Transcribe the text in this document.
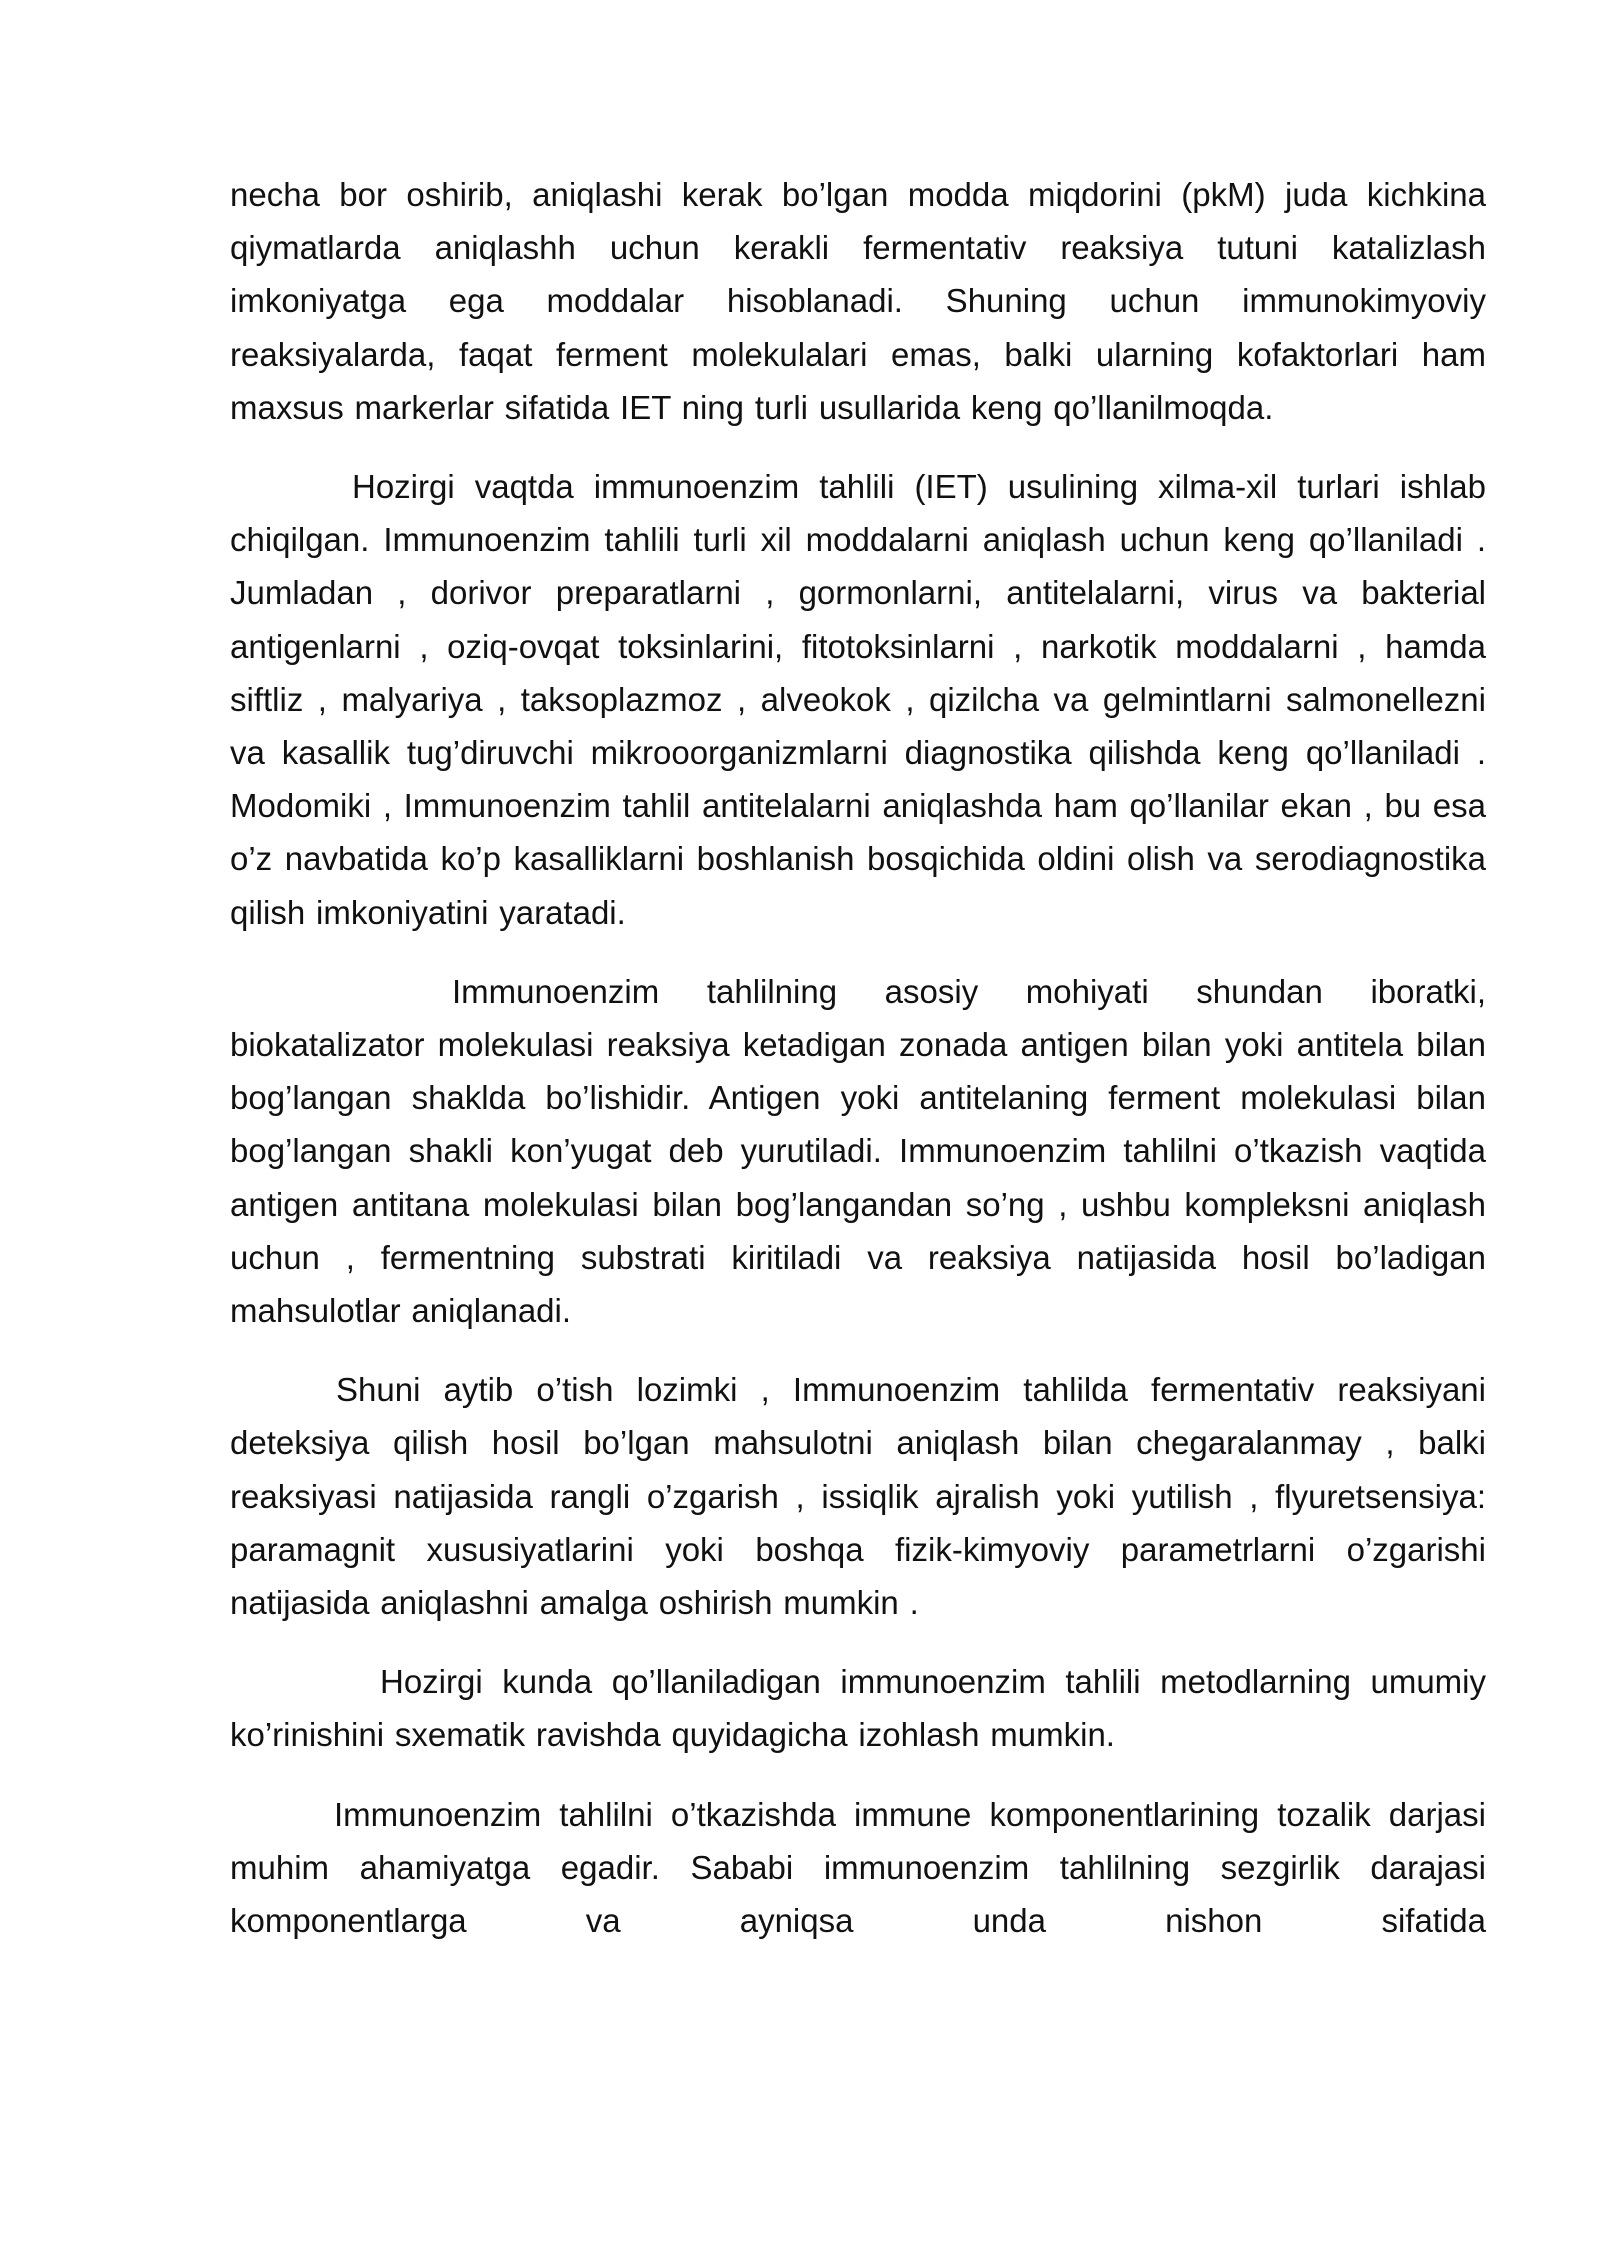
necha bor oshirib, aniqlashi kerak bo’lgan modda miqdorini (pkM) juda kichkina qiymatlarda aniqlashh uchun kerakli fermentativ reaksiya tutuni katalizlash imkoniyatga ega moddalar hisoblanadi. Shuning uchun immunokimyoviy reaksiyalarda, faqat ferment molekulalari emas, balki ularning kofaktorlari ham maxsus markerlar sifatida IET ning turli usullarida keng qo’llanilmoqda.

Hozirgi vaqtda immunoenzim tahlili (IET) usulining xilma-xil turlari ishlab chiqilgan. Immunoenzim tahlili turli xil moddalarni aniqlash uchun keng qo’llaniladi . Jumladan , dorivor preparatlarni , gormonlarni, antitelalarni, virus va bakterial antigenlarni , oziq-ovqat toksinlarini, fitotoksinlarni , narkotik moddalarni , hamda siftliz , malyariya , taksoplazmoz , alveokok , qizilcha va gelmintlarni salmonellezni va kasallik tug’diruvchi mikrooorganizmlarni diagnostika qilishda keng qo’llaniladi . Modomiki , Immunoenzim tahlil antitelalarni aniqlashda ham qo’llanilar ekan , bu esa o’z navbatida ko’p kasalliklarni boshlanish bosqichida oldini olish va serodiagnostika qilish imkoniyatini yaratadi.

Immunoenzim tahlilning asosiy mohiyati shundan iboratki, biokatalizator molekulasi reaksiya ketadigan zonada antigen bilan yoki antitela bilan bog’langan shaklda bo’lishidir. Antigen yoki antitelaning ferment molekulasi bilan bog’langan shakli kon’yugat deb yurutiladi. Immunoenzim tahlilni o’tkazish vaqtida antigen antitana molekulasi bilan bog’langandan so’ng , ushbu kompleksni aniqlash uchun , fermentning substrati kiritiladi va reaksiya natijasida hosil bo’ladigan mahsulotlar aniqlanadi.

Shuni aytib o’tish lozimki , Immunoenzim tahlilda fermentativ reaksiyani deteksiya qilish hosil bo’lgan mahsulotni aniqlash bilan chegaralanmay , balki reaksiyasi natijasida rangli o’zgarish , issiqlik ajralish yoki yutilish , flyuretsensiya: paramagnit xususiyatlarini yoki boshqa fizik-kimyoviy parametrlarni o’zgarishi natijasida aniqlashni amalga oshirish mumkin .

Hozirgi kunda qo’llaniladigan immunoenzim tahlili metodlarning umumiy ko’rinishini sxematik ravishda quyidagicha izohlash mumkin.

Immunoenzim tahlilni o’tkazishda immune komponentlarining tozalik darjasi muhim ahamiyatga egadir. Sababi immunoenzim tahlilning sezgirlik darajasi komponentlarga va ayniqsa unda nishon sifatida
